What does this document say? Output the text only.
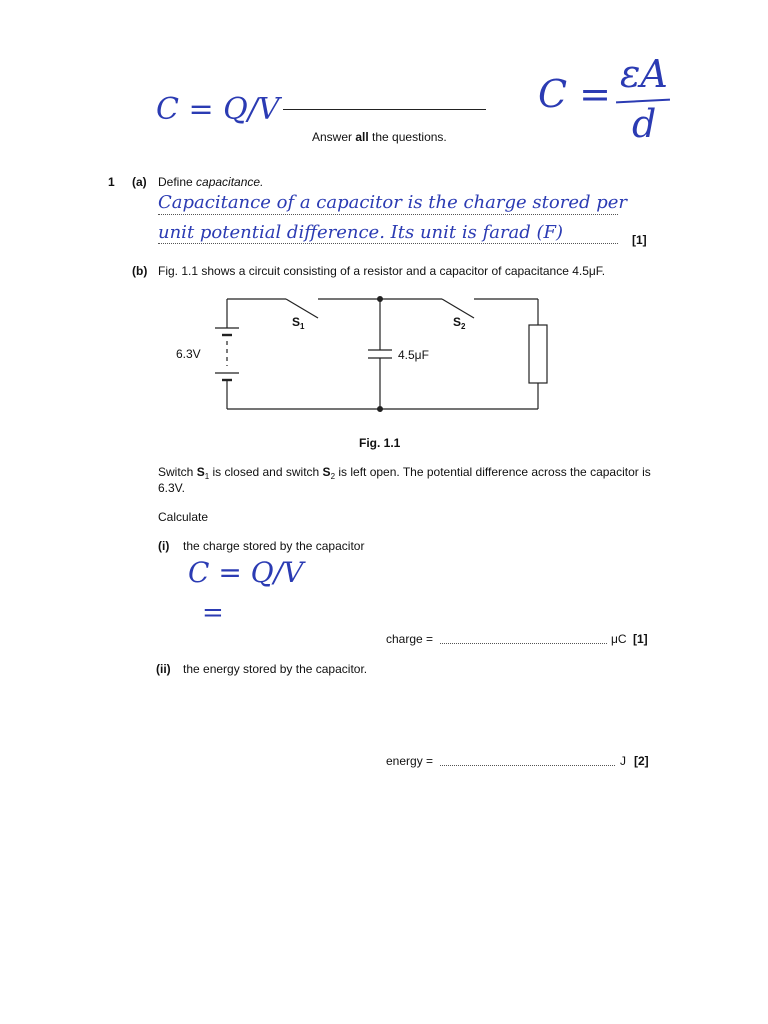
C = Q/V	C = εA
d
Answer all the questions.
1 (a) Define capacitance.
Capacitance of a capacitor is the charge stored per
unit potential difference. Its unit is farad (F)	[1]
(b) Fig. 1.1 shows a circuit consisting of a resistor and a capacitor of capacitance 4.5μF.
6.3V	4.5μF
$S_1$	$S_2$
Fig. 1.1
Switch $S_1$ is closed and switch $S_2$ is left open. The potential difference across the capacitor is
6.3V.
Calculate
(i) the charge stored by the capacitor
C = Q/V
=
charge =	μC [1]
(ii) the energy stored by the capacitor.
energy =	J [2]
